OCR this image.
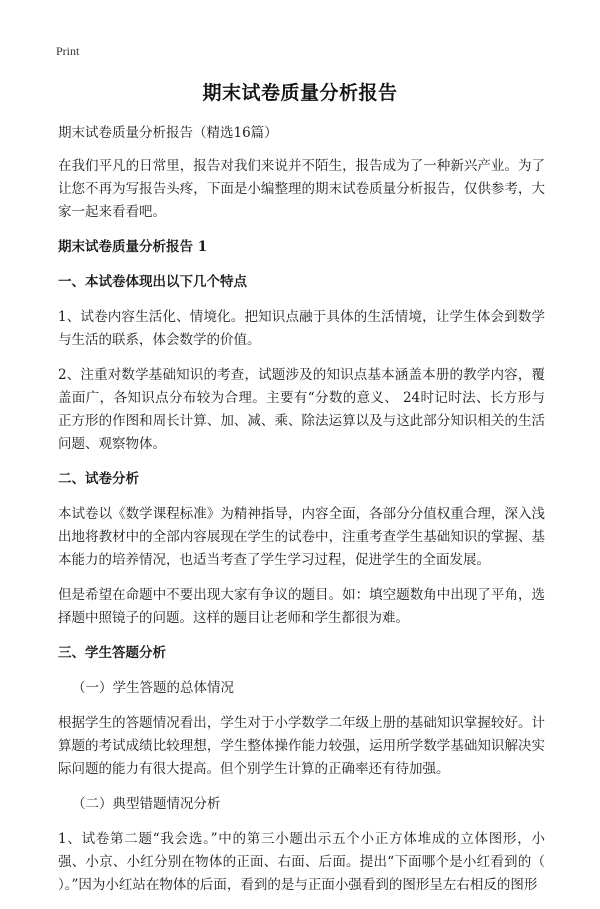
Print
期末试卷质量分析报告

期末试卷质量分析报告（精选16篇）

在我们平凡的日常里，报告对我们来说并不陌生，报告成为了一种新兴产业。为了让您不再为写报告头疼，下面是小编整理的期末试卷质量分析报告，仅供参考，大家一起来看看吧。

期末试卷质量分析报告 1

一、本试卷体现出以下几个特点

1、试卷内容生活化、情境化。把知识点融于具体的生活情境，让学生体会到数学与生活的联系，体会数学的价值。

2、注重对数学基础知识的考查，试题涉及的知识点基本涵盖本册的教学内容，覆盖面广，各知识点分布较为合理。主要有“分数的意义、 24时记时法、长方形与正方形的作图和周长计算、加、减、乘、除法运算以及与这此部分知识相关的生活问题、观察物体。

二、试卷分析

本试卷以《数学课程标准》为精神指导，内容全面，各部分分值权重合理，深入浅出地将教材中的全部内容展现在学生的试卷中，注重考查学生基础知识的掌握、基本能力的培养情况，也适当考查了学生学习过程，促进学生的全面发展。

但是希望在命题中不要出现大家有争议的题目。如：填空题数角中出现了平角，选择题中照镜子的问题。这样的题目让老师和学生都很为难。

三、学生答题分析

（一）学生答题的总体情况

根据学生的答题情况看出，学生对于小学数学二年级上册的基础知识掌握较好。计算题的考试成绩比较理想，学生整体操作能力较强，运用所学数学基础知识解决实际问题的能力有很大提高。但个别学生计算的正确率还有待加强。

（二）典型错题情况分析

1、试卷第二题“我会选。”中的第三小题出示五个小正方体堆成的立体图形，小强、小京、小红分别在物体的正面、右面、后面。提出“下面哪个是小红看到的（ ）。”因为小红站在物体的后面，看到的是与正面小强看到的图形呈左右相反的图形
